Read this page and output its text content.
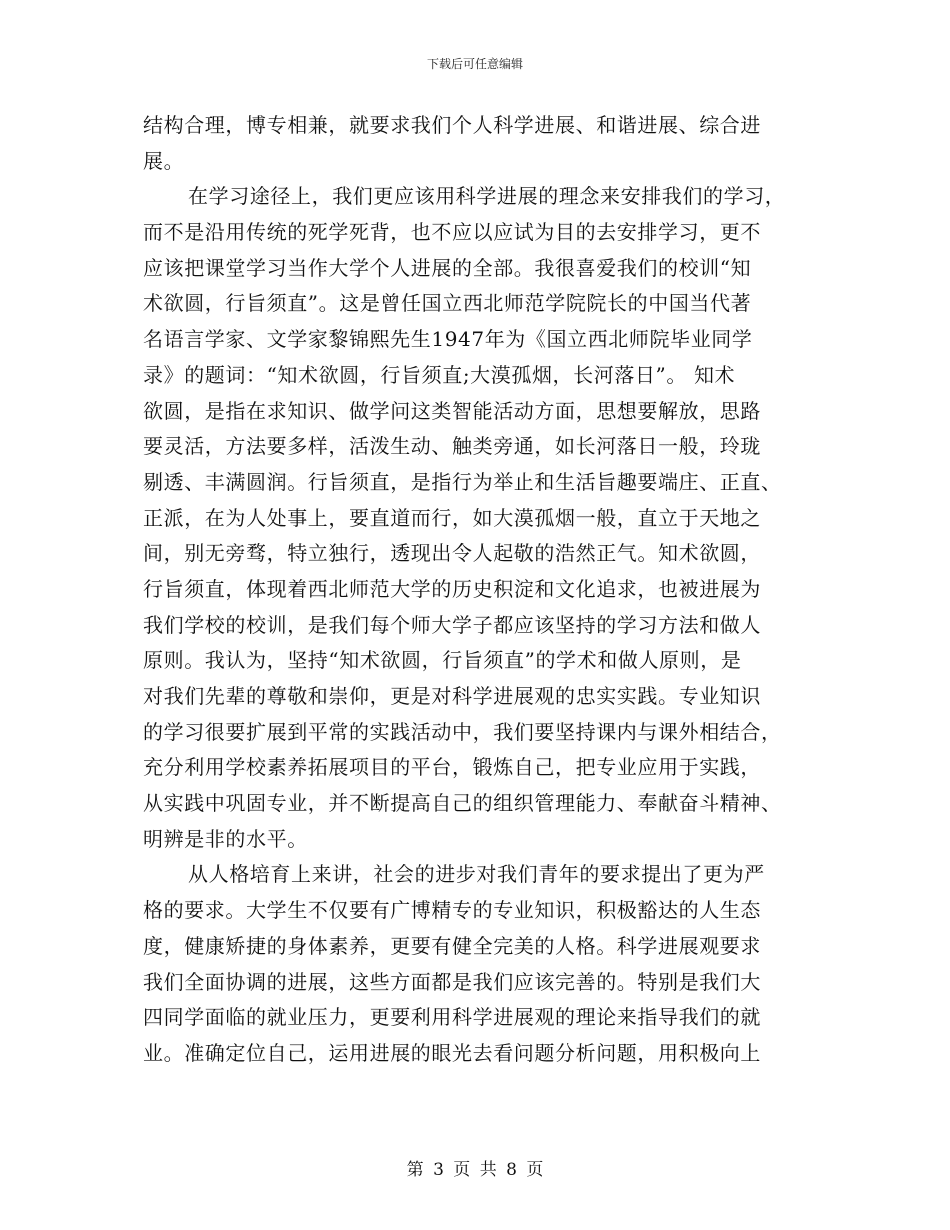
下载后可任意编辑
结构合理，博专相兼，就要求我们个人科学进展、和谐进展、综合进
展。
在学习途径上，我们更应该用科学进展的理念来安排我们的学习，
而不是沿用传统的死学死背，也不应以应试为目的去安排学习，更不
应该把课堂学习当作大学个人进展的全部。我很喜爱我们的校训“知
术欲圆，行旨须直”。这是曾任国立西北师范学院院长的中国当代著
名语言学家、文学家黎锦熙先生1947年为《国立西北师院毕业同学
录》的题词：“知术欲圆，行旨须直;大漠孤烟，长河落日”。 知术
欲圆，是指在求知识、做学问这类智能活动方面，思想要解放，思路
要灵活，方法要多样，活泼生动、触类旁通，如长河落日一般，玲珑
剔透、丰满圆润。行旨须直，是指行为举止和生活旨趣要端庄、正直、
正派，在为人处事上，要直道而行，如大漠孤烟一般，直立于天地之
间，别无旁骛，特立独行，透现出令人起敬的浩然正气。知术欲圆，
行旨须直，体现着西北师范大学的历史积淀和文化追求，也被进展为
我们学校的校训，是我们每个师大学子都应该坚持的学习方法和做人
原则。我认为，坚持“知术欲圆，行旨须直”的学术和做人原则，是
对我们先辈的尊敬和崇仰，更是对科学进展观的忠实实践。专业知识
的学习很要扩展到平常的实践活动中，我们要坚持课内与课外相结合，
充分利用学校素养拓展项目的平台，锻炼自己，把专业应用于实践，
从实践中巩固专业，并不断提高自己的组织管理能力、奉献奋斗精神、
明辨是非的水平。
从人格培育上来讲，社会的进步对我们青年的要求提出了更为严
格的要求。大学生不仅要有广博精专的专业知识，积极豁达的人生态
度，健康矫捷的身体素养，更要有健全完美的人格。科学进展观要求
我们全面协调的进展，这些方面都是我们应该完善的。特别是我们大
四同学面临的就业压力，更要利用科学进展观的理论来指导我们的就
业。准确定位自己，运用进展的眼光去看问题分析问题，用积极向上
第 3 页 共 8 页
